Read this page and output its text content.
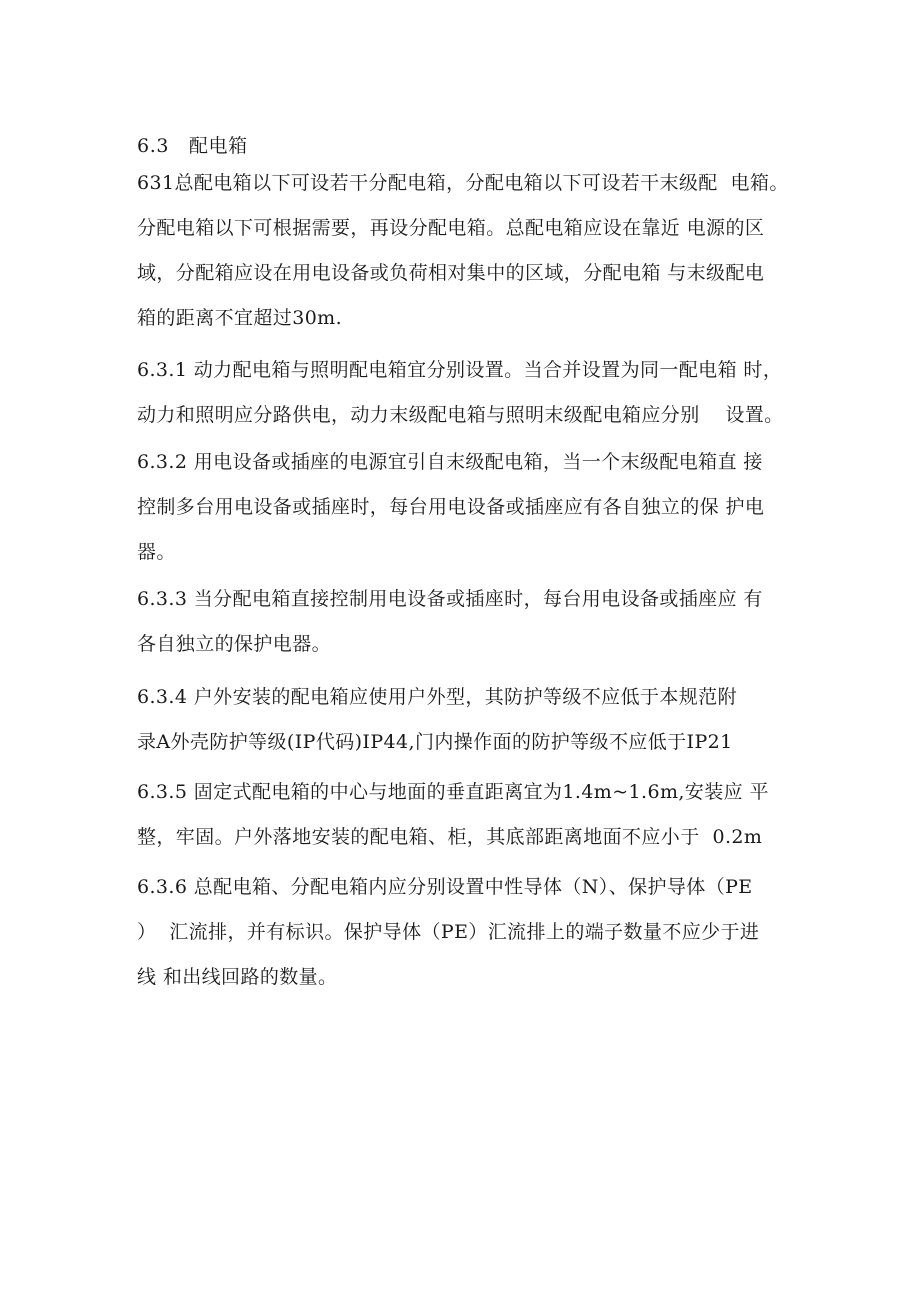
6.3   配电箱
631总配电箱以下可设若干分配电箱，分配电箱以下可设若干末级配  电箱。
分配电箱以下可根据需要，再设分配电箱。总配电箱应设在靠近 电源的区
域，分配箱应设在用电设备或负荷相对集中的区域，分配电箱 与末级配电
箱的距离不宜超过30m.
6.3.1 动力配电箱与照明配电箱宜分别设置。当合并设置为同一配电箱 时，
动力和照明应分路供电，动力末级配电箱与照明末级配电箱应分别    设置。
6.3.2 用电设备或插座的电源宜引自末级配电箱，当一个末级配电箱直 接
控制多台用电设备或插座时，每台用电设备或插座应有各自独立的保 护电
器。
6.3.3 当分配电箱直接控制用电设备或插座时，每台用电设备或插座应 有
各自独立的保护电器。
6.3.4 户外安装的配电箱应使用户外型，其防护等级不应低于本规范附
录A外壳防护等级(IP代码)IP44,门内操作面的防护等级不应低于IP21
6.3.5 固定式配电箱的中心与地面的垂直距离宜为1.4m~1.6m,安装应 平
整，牢固。户外落地安装的配电箱、柜，其底部距离地面不应小于  0.2m
6.3.6 总配电箱、分配电箱内应分别设置中性导体（N）、保护导体（PE
）  汇流排，并有标识。保护导体（PE）汇流排上的端子数量不应少于进
线 和出线回路的数量。
